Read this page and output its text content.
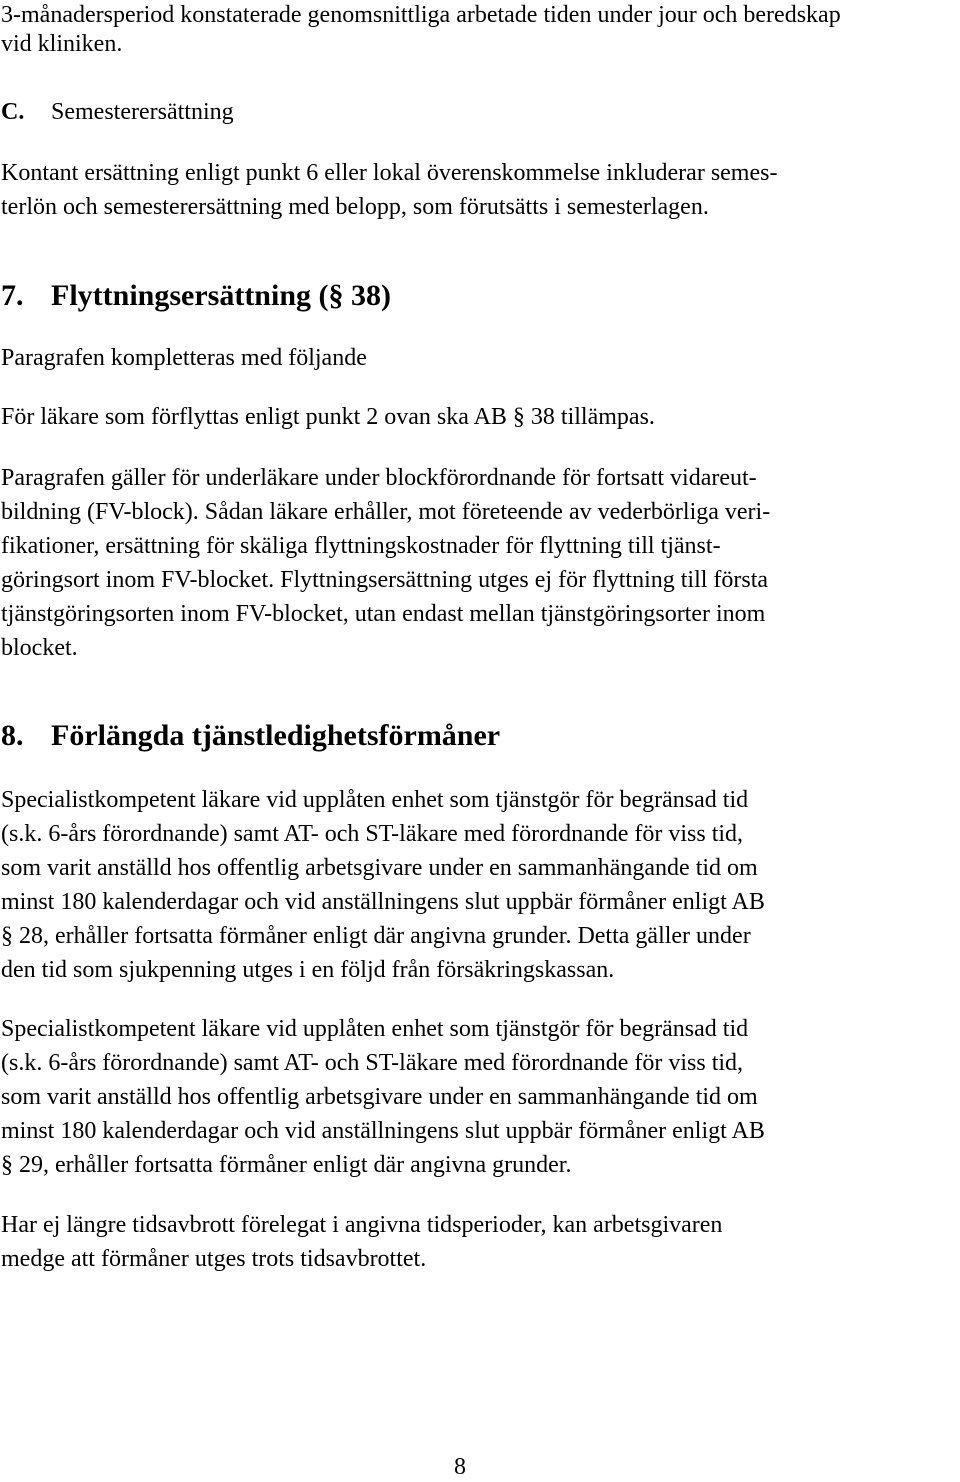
3-månadersperiod konstaterade genomsnittliga arbetade tiden under jour och beredskap
vid kliniken.
C. Semesterersättning
Kontant ersättning enligt punkt 6 eller lokal överenskommelse inkluderar semes-
terlön och semesterersättning med belopp, som förutsätts i semesterlagen.
7. Flyttningsersättning (§ 38)
Paragrafen kompletteras med följande
För läkare som förflyttas enligt punkt 2 ovan ska AB § 38 tillämpas.
Paragrafen gäller för underläkare under blockförordnande för fortsatt vidareut-
bildning (FV-block). Sådan läkare erhåller, mot företeende av vederbörliga veri-
fikationer, ersättning för skäliga flyttningskostnader för flyttning till tjänst-
göringsort inom FV-blocket. Flyttningsersättning utges ej för flyttning till första
tjänstgöringsorten inom FV-blocket, utan endast mellan tjänstgöringsorter inom
blocket.
8. Förlängda tjänstledighetsförmåner
Specialistkompetent läkare vid upplåten enhet som tjänstgör för begränsad tid
(s.k. 6-års förordnande) samt AT- och ST-läkare med förordnande för viss tid,
som varit anställd hos offentlig arbetsgivare under en sammanhängande tid om
minst 180 kalenderdagar och vid anställningens slut uppbär förmåner enligt AB
§ 28, erhåller fortsatta förmåner enligt där angivna grunder. Detta gäller under
den tid som sjukpenning utges i en följd från försäkringskassan.
Specialistkompetent läkare vid upplåten enhet som tjänstgör för begränsad tid
(s.k. 6-års förordnande) samt AT- och ST-läkare med förordnande för viss tid,
som varit anställd hos offentlig arbetsgivare under en sammanhängande tid om
minst 180 kalenderdagar och vid anställningens slut uppbär förmåner enligt AB
§ 29, erhåller fortsatta förmåner enligt där angivna grunder.
Har ej längre tidsavbrott förelegat i angivna tidsperioder, kan arbetsgivaren
medge att förmåner utges trots tidsavbrottet.
8
